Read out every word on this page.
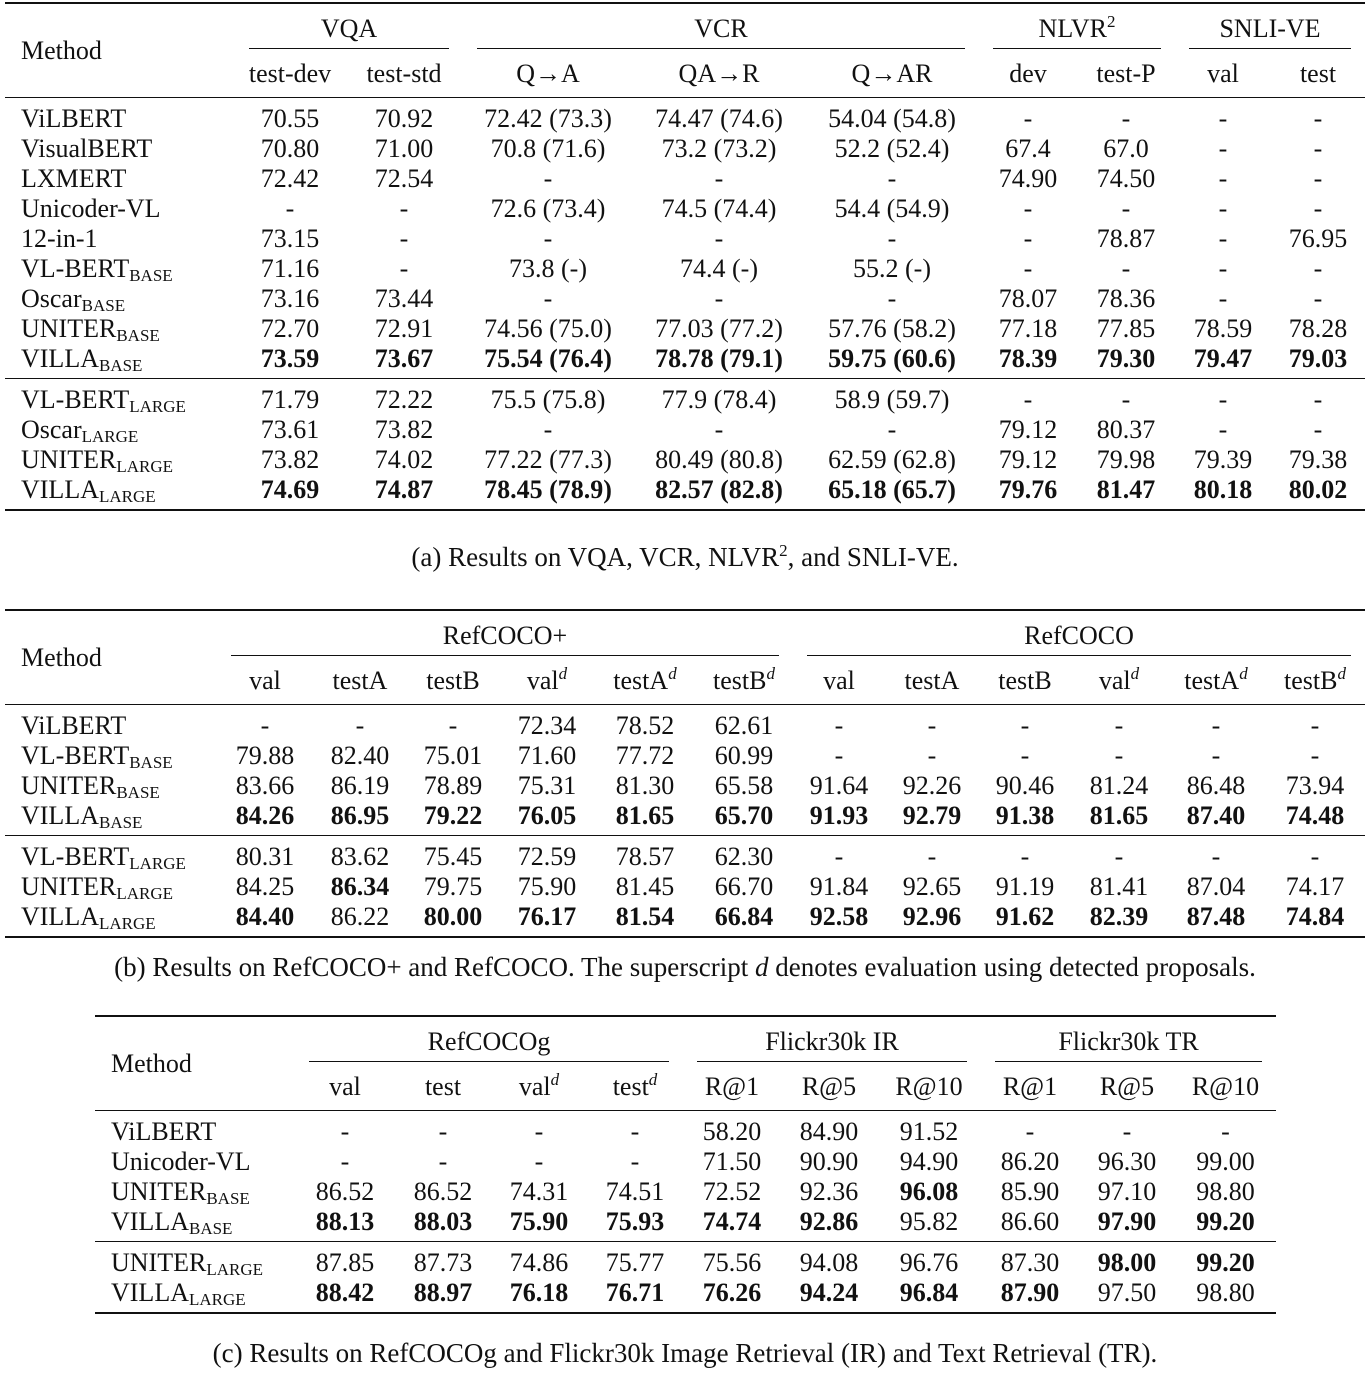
Method	VQA		VCR			NLVR$^2$		SNLI-VE	

	test-dev	test-std	Q→A	QA→R	Q→AR	dev	test-P	val	test
ViLBERT	70.55	70.92	72.42 (73.3)	74.47 (74.6)	54.04 (54.8)	-	-	-	-
VisualBERT	70.80	71.00	70.8 (71.6)	73.2 (73.2)	52.2 (52.4)	67.4	67.0	-	-
LXMERT	72.42	72.54	-	-	-	74.90	74.50	-	-
Unicoder-VL	-	-	72.6 (73.4)	74.5 (74.4)	54.4 (54.9)	-	-	-	-
12-in-1	73.15	-	-	-	-	-	78.87	-	76.95
$VL-BERT_{BASE}$	71.16	-	73.8 (-)	74.4 (-)	55.2 (-)	-	-	-	-
Oscar$_{BASE}$	73.16	73.44	-	-	-	78.07	78.36	-	-
$UNITER_{BASE}$	72.70	72.91	74.56 (75.0)	77.03 (77.2)	57.76 (58.2)	77.18	77.85	78.59	78.28
$VILLA_{BASE}$	73.59	73.67	75.54 (76.4)	78.78 (79.1)	59.75 (60.6)	78.39	79.30	79.47	79.03
$VL-BERT_{LARGE}$	71.79	72.22	75.5 (75.8)	77.9 (78.4)	58.9 (59.7)	-	-	-	-
Oscar$_{LARGE}$	73.61	73.82	-	-	-	79.12	80.37	-	-
$UNITER_{LARGE}$	73.82	74.02	77.22 (77.3)	80.49 (80.8)	62.59 (62.8)	79.12	79.98	79.39	79.38
$VILLA_{LARGE}$	74.69	74.87	78.45 (78.9)	82.57 (82.8)	65.18 (65.7)	79.76	81.47	80.18	80.02
(a) Results on VQA, VCR, NLVR$^2$, and SNLI-VE.
Method	RefCOCO+						RefCOCO					

	val	testA	testB	val$^d$	testA$^d$	testB$^d$	val	testA	testB	val$^d$	testA$^d$	testB$^d$
ViLBERT	-	-	-	72.34	78.52	62.61	-	-	-	-	-	-
$VL-BERT_{BASE}$	79.88	82.40	75.01	71.60	77.72	60.99	-	-	-	-	-	-
$UNITER_{BASE}$	83.66	86.19	78.89	75.31	81.30	65.58	91.64	92.26	90.46	81.24	86.48	73.94
$VILLA_{BASE}$	84.26	86.95	79.22	76.05	81.65	65.70	91.93	92.79	91.38	81.65	87.40	74.48
$VL-BERT_{LARGE}$	80.31	83.62	75.45	72.59	78.57	62.30	-	-	-	-	-	-
$UNITER_{LARGE}$	84.25	86.34	79.75	75.90	81.45	66.70	91.84	92.65	91.19	81.41	87.04	74.17
$VILLA_{LARGE}$	84.40	86.22	80.00	76.17	81.54	66.84	92.58	92.96	91.62	82.39	87.48	74.84
(b) Results on RefCOCO+ and RefCOCO. The superscript d denotes evaluation using detected proposals.
Method	RefCOCOg				Flickr30k IR			Flickr30k TR		

	val	test	val$^d$	test$^d$	R@1	R@5	R@10	R@1	R@5	R@10
ViLBERT	-	-	-	-	58.20	84.90	91.52	-	-	-
Unicoder-VL	-	-	-	-	71.50	90.90	94.90	86.20	96.30	99.00
$UNITER_{BASE}$	86.52	86.52	74.31	74.51	72.52	92.36	96.08	85.90	97.10	98.80
$VILLA_{BASE}$	88.13	88.03	75.90	75.93	74.74	92.86	95.82	86.60	97.90	99.20
$UNITER_{LARGE}$	87.85	87.73	74.86	75.77	75.56	94.08	96.76	87.30	98.00	99.20
$VILLA_{LARGE}$	88.42	88.97	76.18	76.71	76.26	94.24	96.84	87.90	97.50	98.80
(c) Results on RefCOCOg and Flickr30k Image Retrieval (IR) and Text Retrieval (TR).
